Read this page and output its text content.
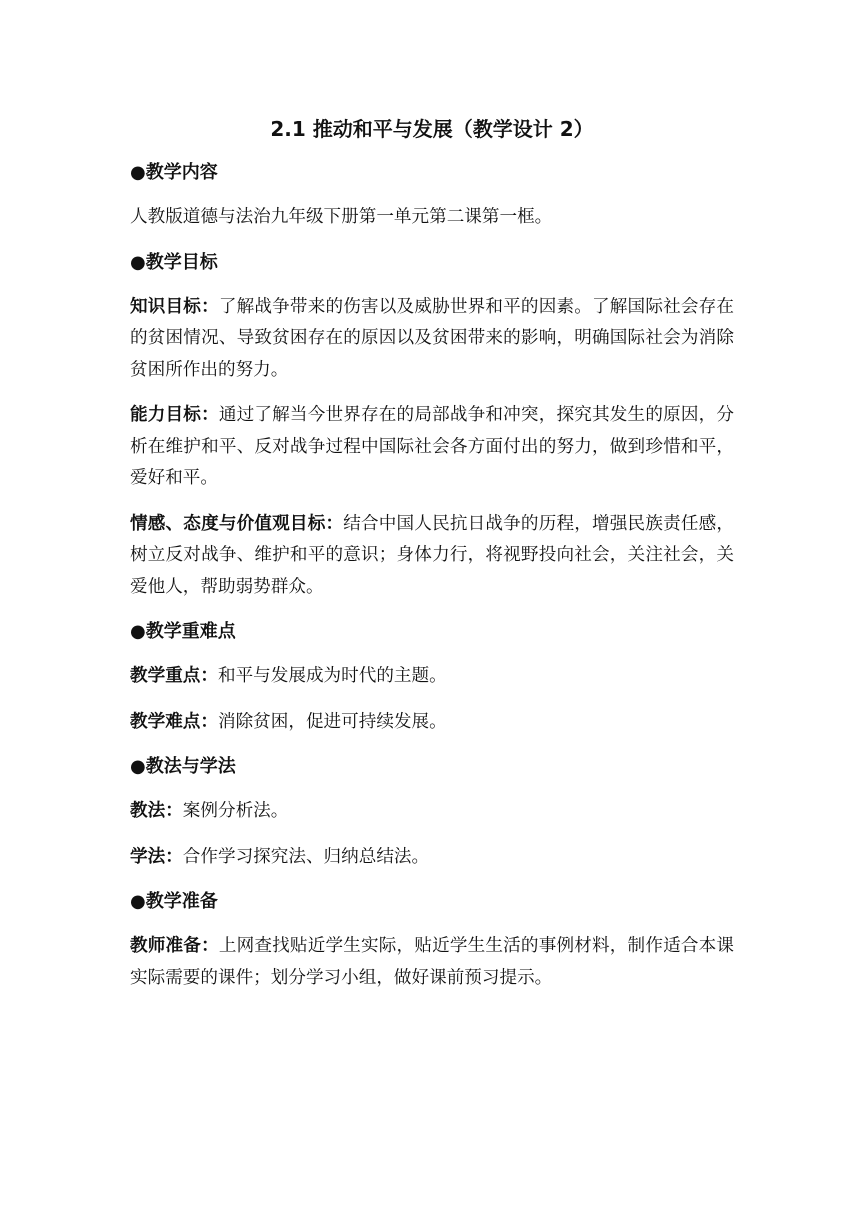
2.1 推动和平与发展（教学设计 2）
●教学内容

人教版道德与法治九年级下册第一单元第二课第一框。

●教学目标

知识目标：了解战争带来的伤害以及威胁世界和平的因素。了解国际社会存在的贫困情况、导致贫困存在的原因以及贫困带来的影响，明确国际社会为消除贫困所作出的努力。

能力目标：通过了解当今世界存在的局部战争和冲突，探究其发生的原因，分析在维护和平、反对战争过程中国际社会各方面付出的努力，做到珍惜和平，爱好和平。

情感、态度与价值观目标：结合中国人民抗日战争的历程，增强民族责任感，树立反对战争、维护和平的意识；身体力行，将视野投向社会，关注社会，关爱他人，帮助弱势群众。

●教学重难点

教学重点：和平与发展成为时代的主题。

教学难点：消除贫困，促进可持续发展。

●教法与学法

教法：案例分析法。

学法：合作学习探究法、归纳总结法。

●教学准备

教师准备：上网查找贴近学生实际，贴近学生生活的事例材料，制作适合本课实际需要的课件；划分学习小组，做好课前预习提示。
